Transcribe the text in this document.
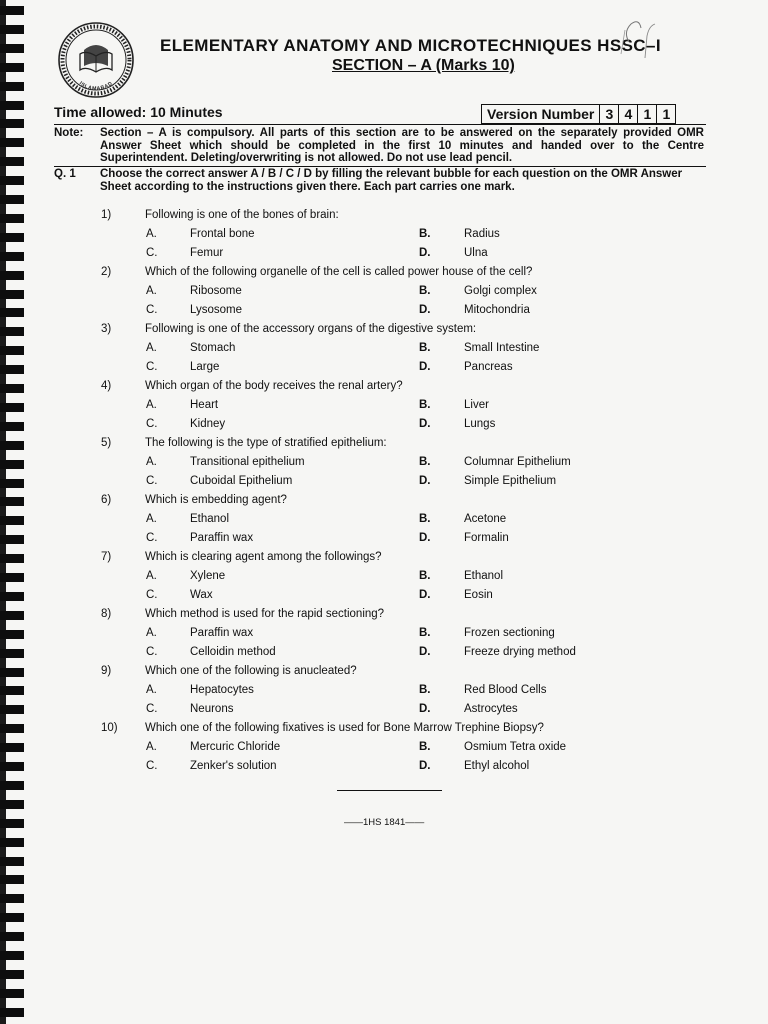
ISLAMABAD
ELEMENTARY ANATOMY AND MICROTECHNIQUES HSSC–I
SECTION – A (Marks 10)
Time allowed: 10 Minutes	Version Number 3 4 1 1
Note: Section – A is compulsory. All parts of this section are to be answered on the separately provided OMR Answer Sheet which should be completed in the first 10 minutes and handed over to the Centre Superintendent. Deleting/overwriting is not allowed. Do not use lead pencil.
Q. 1 Choose the correct answer A / B / C / D by filling the relevant bubble for each question on the OMR Answer Sheet according to the instructions given there. Each part carries one mark.
1)	Following is one of the bones of brain:
A.	Frontal bone	B.	Radius
C.	Femur	D.	Ulna
2)	Which of the following organelle of the cell is called power house of the cell?
A.	Ribosome	B.	Golgi complex
C.	Lysosome	D.	Mitochondria
3)	Following is one of the accessory organs of the digestive system:
A.	Stomach	B.	Small Intestine
C.	Large	D.	Pancreas
4)	Which organ of the body receives the renal artery?
A.	Heart	B.	Liver
C.	Kidney	D.	Lungs
5)	The following is the type of stratified epithelium:
A.	Transitional epithelium	B.	Columnar Epithelium
C.	Cuboidal Epithelium	D.	Simple Epithelium
6)	Which is embedding agent?
A.	Ethanol	B.	Acetone
C.	Paraffin wax	D.	Formalin
7)	Which is clearing agent among the followings?
A.	Xylene	B.	Ethanol
C.	Wax	D.	Eosin
8)	Which method is used for the rapid sectioning?
A.	Paraffin wax	B.	Frozen sectioning
C.	Celloidin method	D.	Freeze drying method
9)	Which one of the following is anucleated?
A.	Hepatocytes	B.	Red Blood Cells
C.	Neurons	D.	Astrocytes
10) Which one of the following fixatives is used for Bone Marrow Trephine Biopsy?
A.	Mercuric Chloride	B.	Osmium Tetra oxide
C.	Zenker's solution	D.	Ethyl alcohol
——1HS 1841——
